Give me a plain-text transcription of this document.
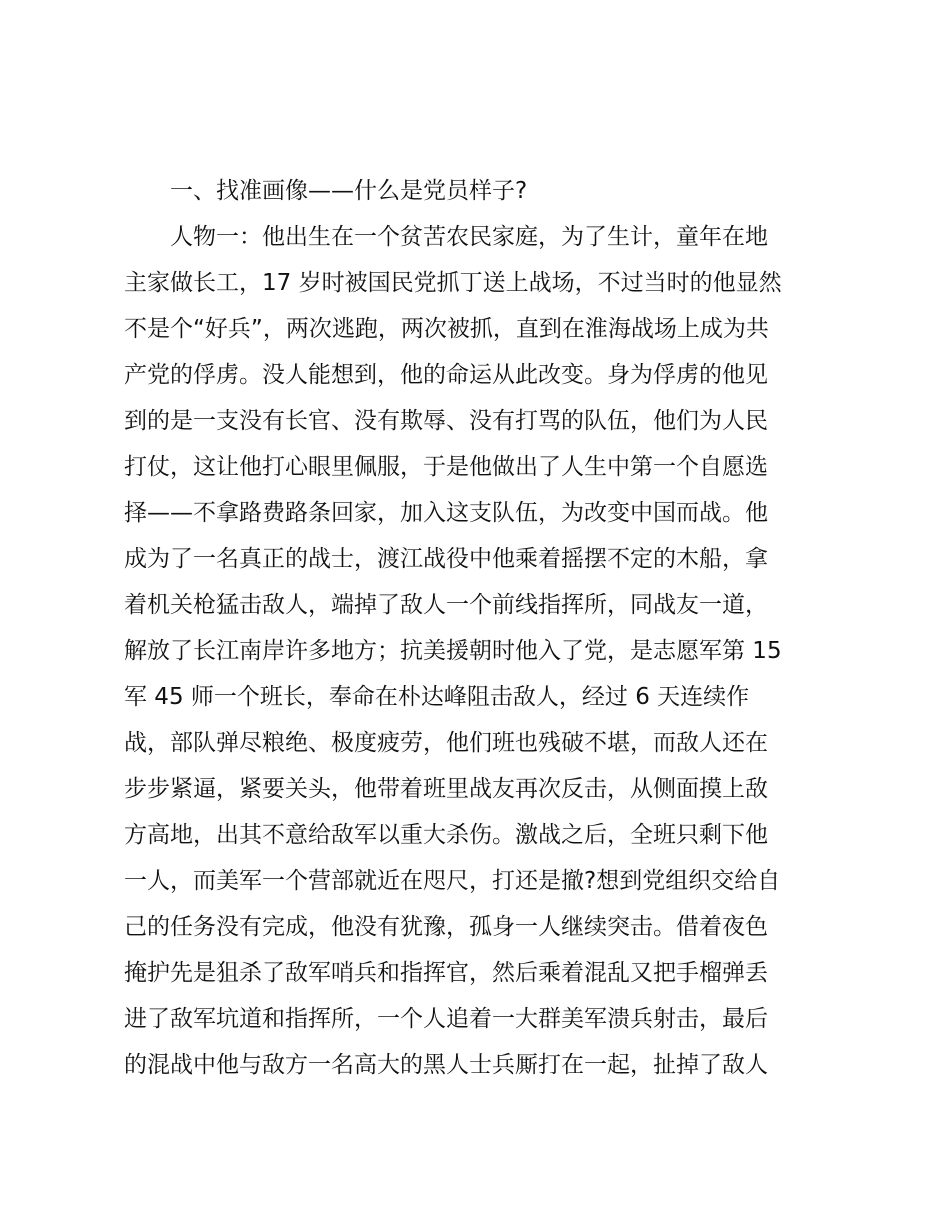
一、找准画像——什么是党员样子?
人物一：他出生在一个贫苦农民家庭，为了生计，童年在地
主家做长工，17 岁时被国民党抓丁送上战场，不过当时的他显然
不是个“好兵”，两次逃跑，两次被抓，直到在淮海战场上成为共
产党的俘虏。没人能想到，他的命运从此改变。身为俘虏的他见
到的是一支没有长官、没有欺辱、没有打骂的队伍，他们为人民
打仗，这让他打心眼里佩服，于是他做出了人生中第一个自愿选
择——不拿路费路条回家，加入这支队伍，为改变中国而战。他
成为了一名真正的战士，渡江战役中他乘着摇摆不定的木船，拿
着机关枪猛击敌人，端掉了敌人一个前线指挥所，同战友一道，
解放了长江南岸许多地方；抗美援朝时他入了党，是志愿军第 15
军 45 师一个班长，奉命在朴达峰阻击敌人，经过 6 天连续作
战，部队弹尽粮绝、极度疲劳，他们班也残破不堪，而敌人还在
步步紧逼，紧要关头，他带着班里战友再次反击，从侧面摸上敌
方高地，出其不意给敌军以重大杀伤。激战之后，全班只剩下他
一人，而美军一个营部就近在咫尺，打还是撤?想到党组织交给自
己的任务没有完成，他没有犹豫，孤身一人继续突击。借着夜色
掩护先是狙杀了敌军哨兵和指挥官，然后乘着混乱又把手榴弹丢
进了敌军坑道和指挥所，一个人追着一大群美军溃兵射击，最后
的混战中他与敌方一名高大的黑人士兵厮打在一起，扯掉了敌人
